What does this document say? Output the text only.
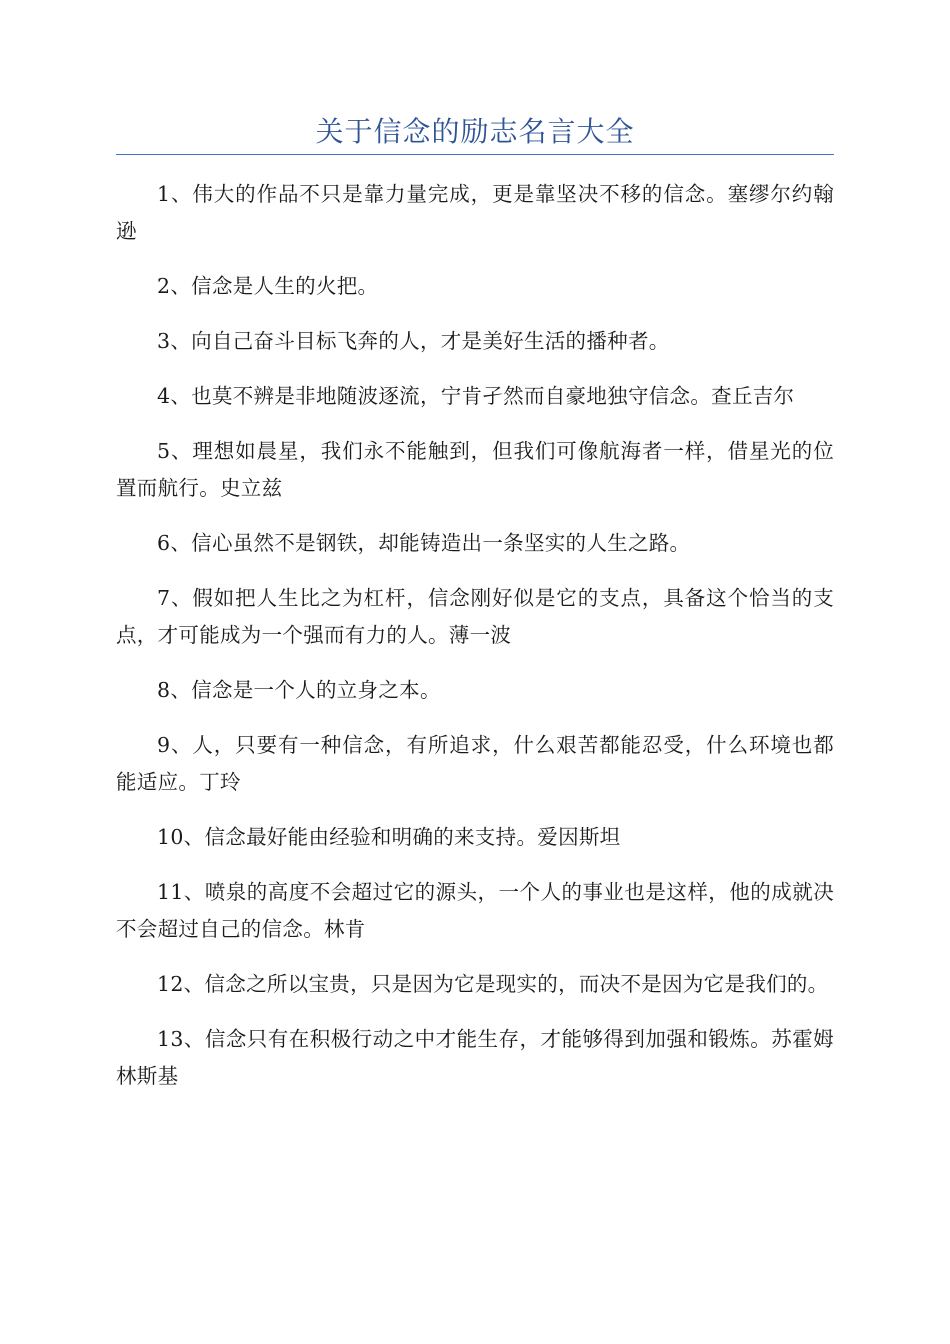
关于信念的励志名言大全

1、伟大的作品不只是靠力量完成，更是靠坚决不移的信念。塞缪尔约翰逊

2、信念是人生的火把。

3、向自己奋斗目标飞奔的人，才是美好生活的播种者。

4、也莫不辨是非地随波逐流，宁肯孑然而自豪地独守信念。查丘吉尔

5、理想如晨星，我们永不能触到，但我们可像航海者一样，借星光的位置而航行。史立兹

6、信心虽然不是钢铁，却能铸造出一条坚实的人生之路。

7、假如把人生比之为杠杆，信念刚好似是它的支点，具备这个恰当的支点，才可能成为一个强而有力的人。薄一波

8、信念是一个人的立身之本。

9、人，只要有一种信念，有所追求，什么艰苦都能忍受，什么环境也都能适应。丁玲

10、信念最好能由经验和明确的来支持。爱因斯坦

11、喷泉的高度不会超过它的源头，一个人的事业也是这样，他的成就决不会超过自己的信念。林肯

12、信念之所以宝贵，只是因为它是现实的，而决不是因为它是我们的。

13、信念只有在积极行动之中才能生存，才能够得到加强和锻炼。苏霍姆林斯基
